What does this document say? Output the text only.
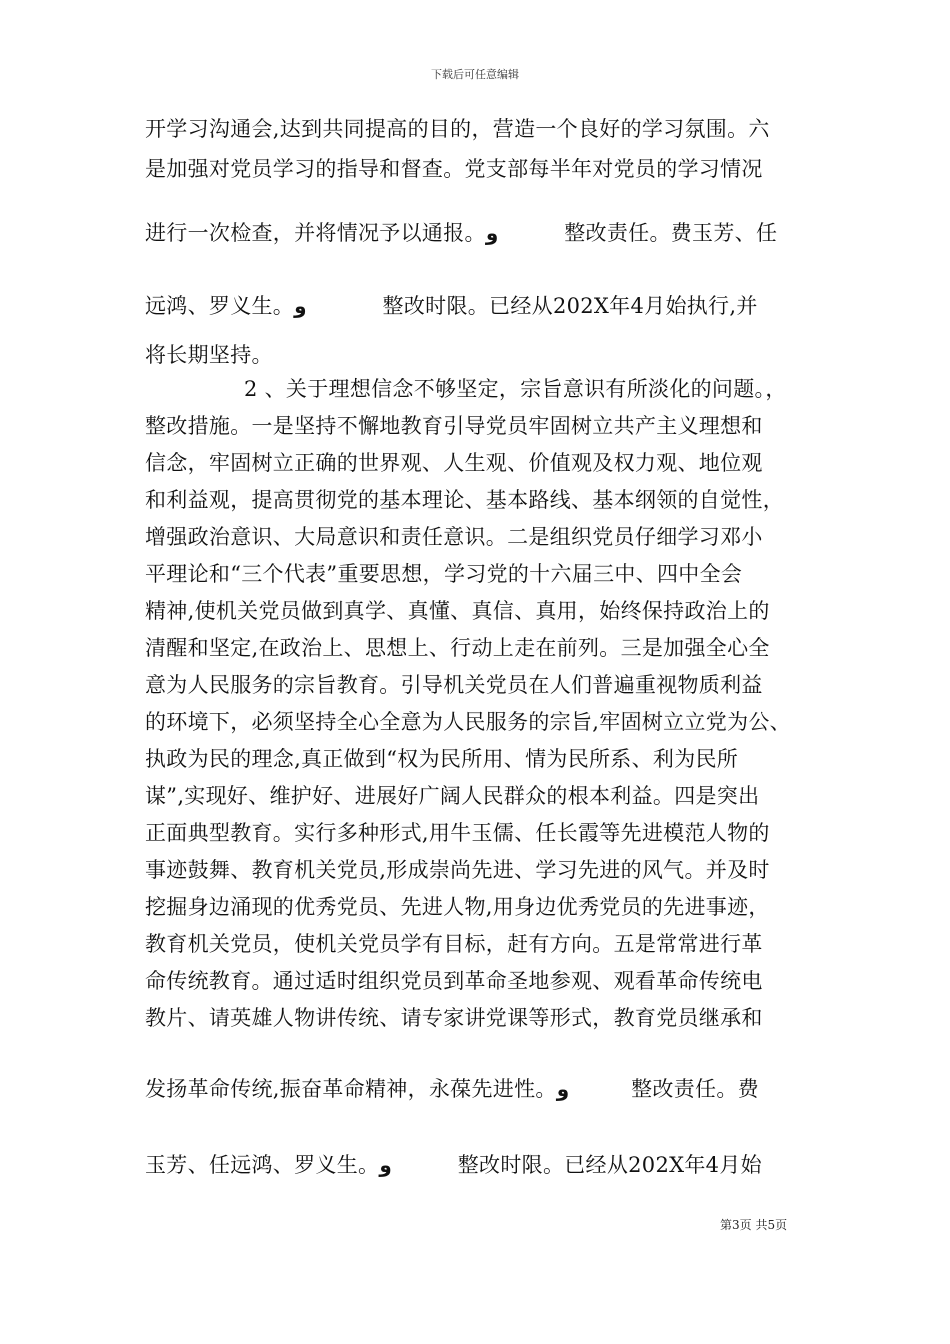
下载后可任意编辑
开学习沟通会,达到共同提高的目的，营造一个良好的学习氛围。六
是加强对党员学习的指导和督查。党支部每半年对党员的学习情况
进行一次检查，并将情况予以通报。و	整改责任。费玉芳、任
远鸿、罗义生。و	整改时限。已经从202X年4月始执行,并
将长期坚持。
2 、关于理想信念不够坚定，宗旨意识有所淡化的问题。，
整改措施。一是坚持不懈地教育引导党员牢固树立共产主义理想和
信念，牢固树立正确的世界观、人生观、价值观及权力观、地位观
和利益观，提高贯彻党的基本理论、基本路线、基本纲领的自觉性，
增强政治意识、大局意识和责任意识。二是组织党员仔细学习邓小
平理论和“三个代表”重要思想，学习党的十六届三中、四中全会
精神,使机关党员做到真学、真懂、真信、真用，始终保持政治上的
清醒和坚定,在政治上、思想上、行动上走在前列。三是加强全心全
意为人民服务的宗旨教育。引导机关党员在人们普遍重视物质利益
的环境下，必须坚持全心全意为人民服务的宗旨,牢固树立立党为公、
执政为民的理念,真正做到“权为民所用、情为民所系、利为民所
谋”,实现好、维护好、进展好广阔人民群众的根本利益。四是突出
正面典型教育。实行多种形式,用牛玉儒、任长霞等先进模范人物的
事迹鼓舞、教育机关党员,形成崇尚先进、学习先进的风气。并及时
挖掘身边涌现的优秀党员、先进人物,用身边优秀党员的先进事迹，
教育机关党员，使机关党员学有目标，赶有方向。五是常常进行革
命传统教育。通过适时组织党员到革命圣地参观、观看革命传统电
教片、请英雄人物讲传统、请专家讲党课等形式，教育党员继承和
发扬革命传统,振奋革命精神，永葆先进性。و	整改责任。费
玉芳、任远鸿、罗义生。و	整改时限。已经从202X年4月始
第3页 共5页
